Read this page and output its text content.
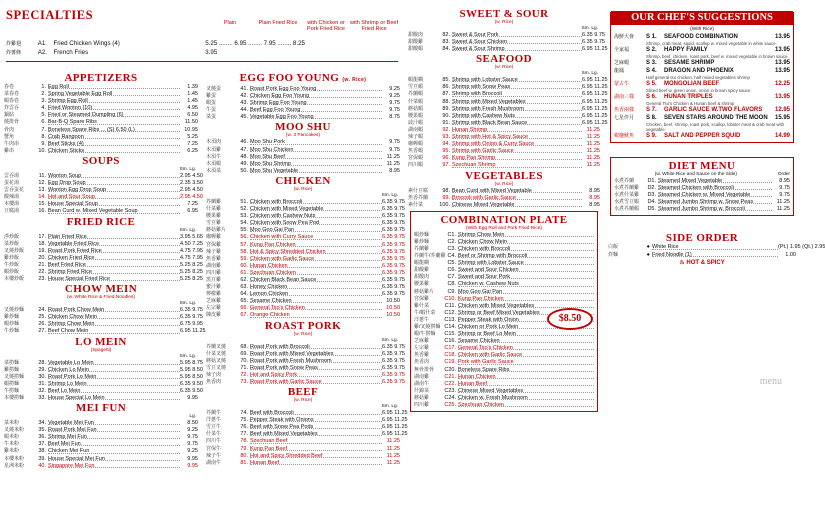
SPECIALTIES
Plain	Plain Fried Rice	with Chicken or Pork Fried Rice
with Shrimp or Beef Fried Rice
炸雞翅	A1. Fried Chicken Wings (4)	5.25 ........ 6.95 ........ 7.95 ........ 8.25
炸薯條	A2. French Fries	3.95
APPETIZERS
春卷	1. Egg Roll	1.39
菜春卷	2. Spring Vegetable Egg Roll	1.45
蝦春卷	3. Shrimp Egg Roll	1.45
炸雲吞	4. Fried Wonton (10)	4.95
鍋貼	5. Fried or Steamed Dumpling (6)	6.50
燒排骨	6. Bar-B-Q Spare Ribs	11.50
骨肉	7. Boneless Spare Ribs ... (S) 6.50 (L)	10.95
蟹角	8. Crab Rangoon	5.25
牛肉串	9. Beef Sticks (4)	7.25
雞串	10. Chicken Sticks	6.25
SOUPS
Sm. Lg.
雲吞湯	11. Wonton Soup	2.95 4.50
蛋花湯	12. Egg Drop Soup	2.35 3.50
雲吞蛋花	13. Wonton Egg Drop Soup	2.95 4.50
酸辣湯	14. Hot and Sour Soup	2.95 4.50
本樓湯	15. House Special Soup	7.25
豆腐湯	16. Bean Curd w. Mixed Vegetable Soup	6.95
FRIED RICE
Sm. Lg.
淨炒飯	17. Plain Fried Rice	3.95 5.65
菜炒飯	18. Vegetable Fried Rice	4.50 7.25
叉燒炒飯	19. Roast Pork Fried Rice	4.75 7.95
雞炒飯	20. Chicken Fried Rice	4.75 7.95
牛炒飯	21. Beef Fried Rice	5.25 8.25
蝦炒飯	22. Shrimp Fried Rice	5.25 8.25
本樓炒飯	23. House Special Fried Rice	5.25 8.25
CHOW MEIN
(w. White Rice & Fried Noodles)
Sm. Lg.
叉燒炒麵	24. Roast Pork Chow Mein	6.35 9.75
雞炒麵	25. Chicken Chow Mein	6.35 9.75
蝦炒麵	26. Shrimp Chow Mein	6.75 9.95
牛炒麵	27. Beef Chow Mein	6.95 11.25
LO MEIN
(Spagetti)
Sm. Lg.
菜撈麵	28. Vegetable Lo Mein	5.95 8.75
雞撈麵	29. Chicken Lo Mein	5.95 8.50
叉燒撈麵	30. Roast Pork Lo Mein	5.95 8.50
蝦撈麵	31. Shrimp Lo Mein	6.35 9.50
牛撈麵	32. Beef Lo Mein	6.35 9.50
本樓撈麵	33. House Special Lo Mein	9.95
MEI FUN
Lg.
菜米粉	34. Vegetable Mei Fun	8.50
叉燒米粉	35. Roast Pork Mei Fun	9.25
蝦米粉	36. Shrimp Mei Fun	9.75
牛米粉	37. Beef Mei Fun	9.75
雞米粉	38. Chicken Mei Fun	9.25
本樓米粉	39. House Special Mei Fun	9.95
星洲米粉	40. Singapore Mei Fun	9.95
EGG FOO YOUNG (w. Rice)
叉燒蛋	41. Roast Pork Egg Foo Young	9.25
雞蛋	42. Chicken Egg Foo Young	9.25
蝦蛋	43. Shrimp Egg Foo Young	9.75
牛蛋	44. Beef Egg Foo Young	9.75
菜蛋	45. Vegetable Egg Foo Young	8.75
MOO SHU
(w. 3 Pancakes)
木須肉	46. Moo Shu Pork	9.75
木須雞	47. Moo Shu Chicken	9.75
木須牛	48. Moo Shu Beef	11.25
木須蝦	49. Moo Shu Shrimp	11.25
木須菜	50. Moo Shu Vegetable	8.95
CHICKEN
(w. Rice)
Sm. Lg.
芥蘭雞	51. Chicken with Broccoli	6.35 9.75
什菜雞	52. Chicken with Mixed Vegetable	6.35 9.75
腰果雞	53. Chicken with Cashew Nuts	6.35 9.75
雪豆雞	54. Chicken with Snow Pea Pod	6.35 9.75
蘑菇雞片	55. Moo Goo Gai Pan	6.35 9.75
咖喱雞	56. Chicken with Curry Sauce	6.35 9.75
宮保雞	57. Kung Pao Chicken	6.35 9.75
辣子雞	58. Hot & Spicy Shredded Chicken	6.35 9.75
魚香雞	59. Chicken with Garlic Sauce	6.35 9.75
湖南雞	60. Hunan Chicken	6.35 9.75
四川雞	61. Szechuan Chicken	6.35 9.75
黑豆雞	62. Chicken Black Bean Sauce	6.35 9.75
蜜汁雞	63. Honey Chicken	6.35 9.75
檸檬雞	64. Lemon Chicken	6.35 9.75
芝麻雞	65. Sesame Chicken	10.50
左宗雞	66. General Tso's Chicken	10.50
陳皮雞	67. Orange Chicken	10.50
ROAST PORK
(w. Rice)
Sm. Lg.
芥蘭叉燒	68. Roast Pork with Broccoli	6.35 9.75
什菜叉燒	69. Roast Pork with Mixed Vegetables	6.35 9.75
蘑菇叉燒	70. Roast Pork with Fresh Mushroom	6.35 9.75
雪豆叉燒	71. Roast Pork with Snow Peas	6.35 9.75
辣子肉	72. Hot and Spicy Pork	6.35 9.75
魚香肉	73. Roast Pork with Garlic Sauce	6.35 9.75
BEEF
(w. Rice)
Sm. Lg.
芥蘭牛	74. Beef with Broccoli	6.95 11.25
洋蔥牛	75. Pepper Steak with Onions	6.95 11.25
雪豆牛	76. Beef with Snow Pea Pods	6.95 11.25
什菜牛	77. Beef with Mixed Vegetables	6.95 11.25
四川牛	78. Szechuan Beef	11.25
宮保牛	79. Kung Pao Beef	11.25
辣子牛	80. Hot and Spicy Shredded Beef	11.25
湖南牛	81. Hunan Beef	11.25
SWEET & SOUR
(w. Rice)
Sm. Lg.
甜酸肉	82. Sweet & Sour Pork	6.35 9.75
甜酸雞	83. Sweet & Sour Chicken	6.35 9.75
甜酸蝦	84. Sweet & Sour Shrimp	6.95 11.25
SEAFOOD
(w. Rice)
Sm. Lg.
蝦龍糊	85. Shrimp with Lobster Sauce	6.95 11.25
雪豆蝦	86. Shrimp with Snow Peas	6.95 11.25
芥蘭蝦	87. Shrimp with Broccoli	6.95 11.25
什菜蝦	88. Shrimp with Mixed Vegetables	6.95 11.25
蘑菇蝦	89. Shrimp with Fresh Mushroom	6.95 11.25
腰果蝦	90. Shrimp with Cashew Nuts	6.95 11.25
豉汁蝦	91. Shrimp with Black Bean Sauce	6.95 11.25
湖南蝦	92. Hunan Shrimp	11.25
辣子蝦	93. Shrimp with Hot & Spicy Sauce	11.25
咖喱蝦	94. Shrimp with Onion & Curry Sauce	11.25
魚香蝦	95. Shrimp with Garlic Sauce	11.25
宮保蝦	96. Kung Pao Shrimp	11.25
四川蝦	97. Szechuan Shrimp	11.25
VEGETABLES
(w. Rice)
素什豆腐	98. Bean Curd with Mixed Vegetable	8.95
魚香芥蘭	99. Broccoli with Garlic Sauce	8.95
素什菜	100. Chinese Mixed Vegetable	8.95
COMBINATION PLATE
(With Egg Roll and Pork Fried Rice)
蝦炒麵	C1. Shrimp Chow Mein
雞炒麵	C2. Chicken Chow Mein
芥蘭雞	C3. Chicken with Broccoli
芥蘭牛/芥蘭雞 C4. Beef or Shrimp with Broccoli
蝦龍糊	C5. Shrimp with Lobster Sauce
甜酸雞	C6. Sweet and Sour Chicken
甜酸肉	C7. Sweet and Sour Pork
腰果雞	C8. Chicken w. Cashew Nuts
蘑菇雞片	C9. Moo Goo Gai Pan
宮保雞	C10. Kung Pao Chicken
雞什菜	C11. Chicken with Mixed Vegetables
牛/蝦什菜	C12. Shrimp or Beef Mixed Vegetables
洋蔥牛	C13. Pepper Steak with Onion
雞/叉燒撈麵 C14. Chicken or Pork Lo Mein
蝦/牛撈麵	C15. Shrimp or Beef Lo Mein
芝麻雞	C16. Sesame Chicken
左宗雞	C17. General Tso's Chicken
魚香雞	C18. Chicken with Garlic Sauce
魚香肉	C19. Pork with Garlic Sauce
無骨排骨	C20. Boneless Spare Ribs
湖南雞	C21. Hunan Chicken
湖南牛	C22. Hunan Beef
什錦菜	C23. Chinese Mixed Vegetables
蘑菇雞	C24. Chicken w. Fresh Mushroom
四川雞	C25. Szechuan Chicken
$8.50
OUR CHEF'S SUGGESTIONS
(With Rice)
海鮮大會	S 1.	SEAFOOD COMBINATION	13.95
Shrimp, crab meat, squid, scallop w. mixed vegetable in white sauce.
全家福	S 2.	HAPPY FAMILY	13.95
Shrimp, beef, chicken, roast pork, beef w. mixed vegetable in brown sauce.
芝麻蝦	S 3.	SESAME SHRIMP	13.95
龍鳳	S 4.	DRAGON AND PHOENIX	13.95
Half general tso chicken, half mixed vegetables shrimp
蒙古牛	S 5.	MONGOLIAN BEEF	12.25
Sliced beef w. green onion, onion in brown spicy sauce.
湖南三樣	S 6.	HUNAN TRIPLES	13.95
General Tso's Chicken & Hunan beef & shrimp
魚香兩樣	S 7.	GARLIC SAUCE W.TWO FLAVORS	12.95
七星伴月	S 8.	SEVEN STARS AROUND THE MOON	15.95
Chicken, beef, shrimp, roast pork, scallop, lobster meat & crab meat with vegetable.
椒鹽魷魚	S 9.	SALT AND PEPPER SQUID	14.99
DIET MENU
(w. White Rice and Sauce on the Side)	Order
水煮芥蘭	D1. Steamed Mixed Vegetable	8.95
水煮芥蘭雞	D2. Steamed Chicken with Broccoli	9.75
水煮什菜雞	D3. Steamed Chicken w. Mixed Vegetable	9.75
水煮雪豆蝦	D4. Steamed Jumbo Shrimp w. Snow Peas	11.25
水煮芥蘭蝦	D5. Steamed Jumbo Shrimp w. Broccoli	11.25
SIDE ORDER
白飯	● White Rice	(Pt.) 1.95 (Qt.) 2.95
炸麵	● Fried Noodle (1)	1.00
♨ HOT & SPICY
menu
